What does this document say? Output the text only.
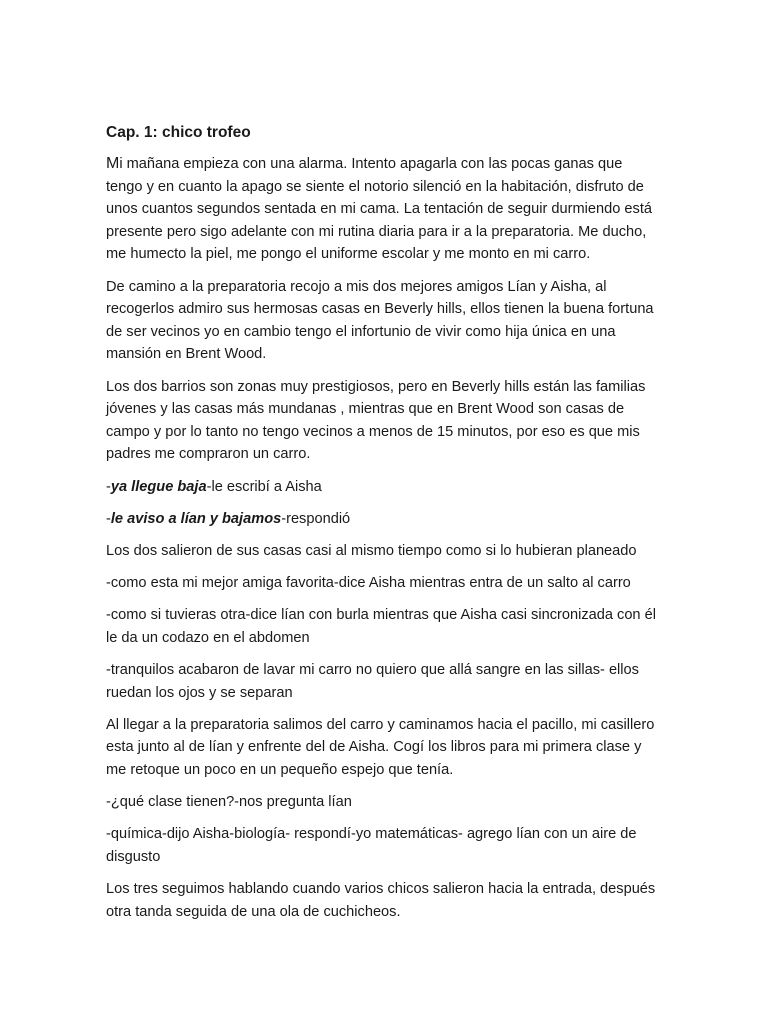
Cap. 1: chico trofeo

Mi mañana empieza con una alarma. Intento apagarla con las pocas ganas que tengo y en cuanto la apago se siente el notorio silenció en la habitación, disfruto de unos cuantos segundos sentada en mi cama. La tentación de seguir durmiendo está presente pero sigo adelante con mi rutina diaria para ir a la preparatoria. Me ducho, me humecto la piel, me pongo el uniforme escolar y me monto en mi carro.

De camino a la preparatoria recojo a mis dos mejores amigos Lían y Aisha, al recogerlos admiro sus hermosas casas en Beverly hills, ellos tienen la buena fortuna de ser vecinos yo en cambio tengo el infortunio de vivir como hija única en una mansión en Brent Wood.

Los dos barrios son zonas muy prestigiosos, pero en Beverly hills están las familias jóvenes y las casas más mundanas , mientras que en Brent Wood son casas de campo y por lo tanto no tengo vecinos a menos de 15 minutos, por eso es que mis padres me compraron un carro.

-ya llegue baja-le escribí a Aisha

-le aviso a lían y bajamos-respondió

Los dos salieron de sus casas casi al mismo tiempo como si lo hubieran planeado

-como esta mi mejor amiga favorita-dice Aisha mientras entra de un salto al carro

-como si tuvieras otra-dice lían con burla mientras que Aisha casi sincronizada con él le da un codazo en el abdomen

-tranquilos acabaron de lavar mi carro no quiero que allá sangre en las sillas- ellos ruedan los ojos y se separan

Al llegar a la preparatoria salimos del carro y caminamos hacia el pacillo, mi casillero esta junto al de lían y enfrente del de Aisha. Cogí los libros para mi primera clase y me retoque un poco en un pequeño espejo que tenía.

-¿qué clase tienen?-nos pregunta lían

-química-dijo Aisha-biología- respondí-yo matemáticas- agrego lían con un aire de disgusto

Los tres seguimos hablando cuando varios chicos salieron hacia la entrada, después otra tanda seguida de una ola de cuchicheos.
